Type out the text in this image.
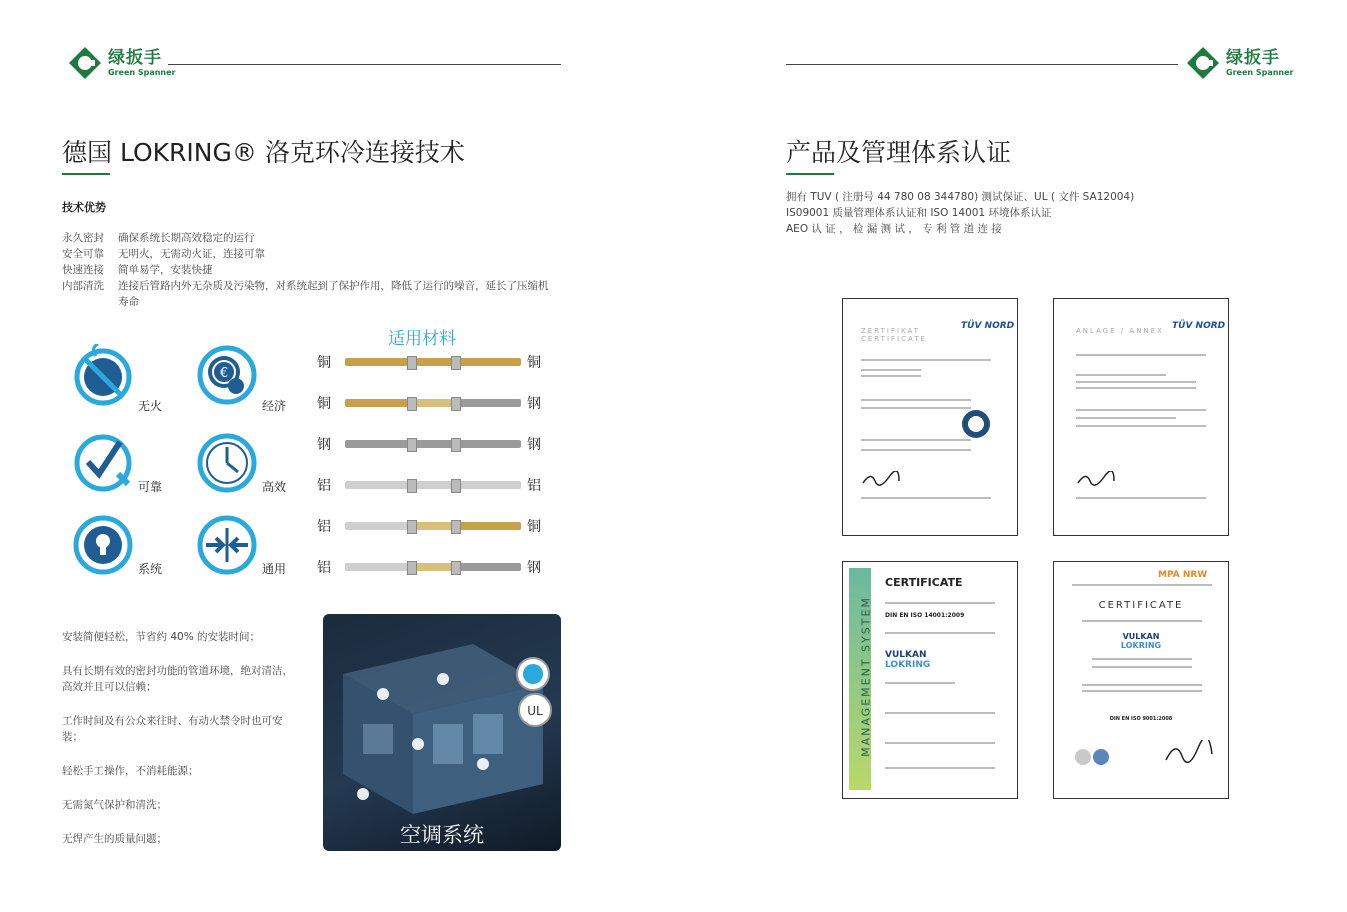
绿扳手
Green Spanner
德国 LOKRING® 洛克环冷连接技术
技术优势
永久密封	确保系统长期高效稳定的运行
安全可靠	无明火，无需动火证，连接可靠
快速连接	简单易学，安装快捷
内部清洗	连接后管路内外无杂质及污染物，对系统起到了保护作用，降低了运行的噪音，延长了压缩机寿命
无火
€
经济
可靠	高效
系统	通用
适用材料
铜	铜
铜	钢
钢	钢
铝	铝
铝	铜
铝	钢

安装简便轻松，节省约 40% 的安装时间；

具有长期有效的密封功能的管道环境，绝对清洁，高效并且可以信赖；

工作时间及有公众来往时、有动火禁令时也可安装；

轻松手工操作，不消耗能源；

无需氮气保护和清洗；

无焊产生的质量问题；

UL
空调系统
绿扳手
Green Spanner
产品及管理体系认证
拥有 TUV ( 注册号 44 780 08 344780) 测试保证、UL ( 文件 SA12004)
IS09001 质量管理体系认证和 ISO 14001 环境体系认证
AEO 认 证 ， 检 漏 测 试 ， 专 利 管 道 连 接
ZERTIFIKAT CERTIFICATE
TÜV NORD	ANLAGE / ANNEX TÜV NORD
MANAGEMENT SYSTEM
CERTIFICATE
DIN EN ISO 14001:2009
VULKAN
LOKRING
MPA NRW
CERTIFICATE
VULKAN
LOKRING
DIN EN ISO 9001:2008
